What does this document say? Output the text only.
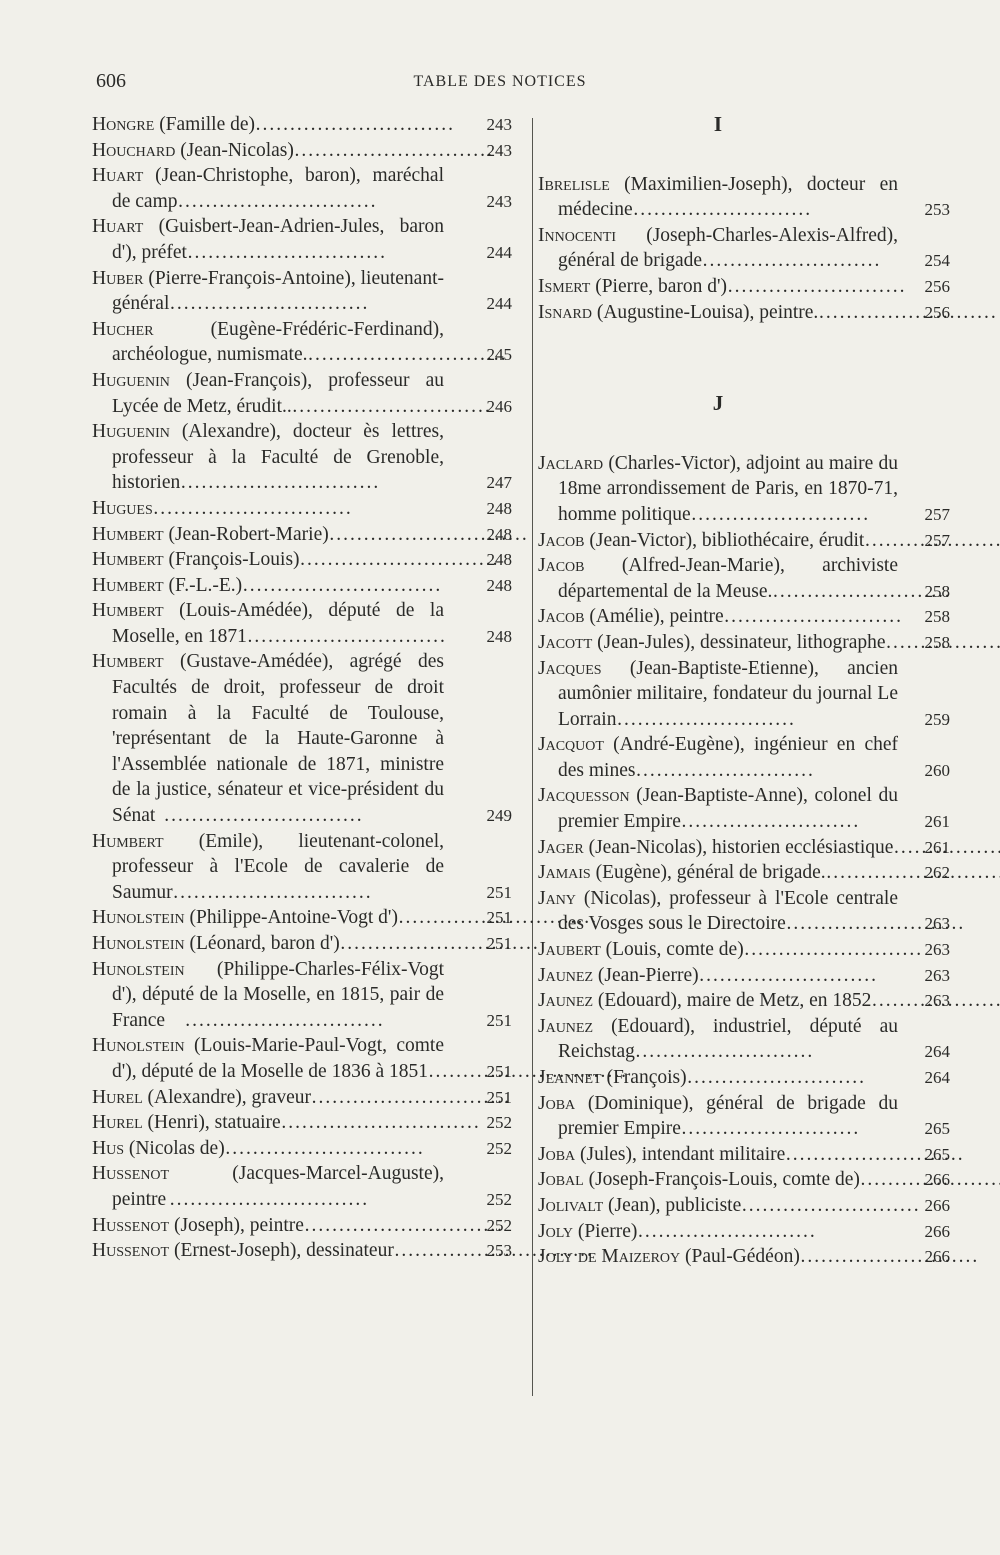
606	TABLE DES NOTICES
Hongre (Famille de) .....	243
Houchard (Jean-Nicolas) .....	243
Huart (Jean-Christophe, baron), maréchal de camp .....	243
Huart (Guisbert-Jean-Adrien-Jules, baron d'), préfet .....	244
Huber (Pierre-François-Antoine), lieutenant-général .....	244
Hucher (Eugène-Frédéric-Ferdinand), archéologue, numismate. .....	245
Huguenin (Jean-François), professeur au Lycée de Metz, érudit.. .....	246
Huguenin (Alexandre), docteur ès lettres, professeur à la Faculté de Grenoble, historien .....	247
Hugues	248
Humbert (Jean-Robert-Marie) .....	248
Humbert (François-Louis) .....	248
Humbert (F.-L.-E.) .....	248
Humbert (Louis-Amédée), député de la Moselle, en 1871 .....	248
Humbert (Gustave-Amédée), agrégé des Facultés de droit, professeur de droit romain à la Faculté de Toulouse, 'représentant de la Haute-Garonne à l'Assemblée nationale de 1871, ministre de la justice, sénateur et vice-président du Sénat .....	249
Humbert (Emile), lieutenant-colonel, professeur à l'Ecole de cavalerie de Saumur .....	251
Hunolstein (Philippe-Antoine-Vogt d') .....	251
Hunolstein (Léonard, baron d') .....	251
Hunolstein (Philippe-Charles-Félix-Vogt d'), député de la Moselle, en 1815, pair de France .....	251
Hunolstein (Louis-Marie-Paul-Vogt, comte d'), député de la Moselle de 1836 à 1851 .....	251
Hurel (Alexandre), graveur .....	251
Hurel (Henri), statuaire .....	252
Hus (Nicolas de) .....	252
Hussenot (Jacques-Marcel-Auguste), peintre .....	252
Hussenot (Joseph), peintre .....	252
Hussenot (Ernest-Joseph), dessinateur .....	253
I
Ibrelisle (Maximilien-Joseph), docteur en médecine .....	253
Innocenti (Joseph-Charles-Alexis-Alfred), général de brigade .....	254
Ismert (Pierre, baron d') .....	256
Isnard (Augustine-Louisa), peintre. .....	256
J
Jaclard (Charles-Victor), adjoint au maire du 18me arrondissement de Paris, en 1870-71, homme politique .....	257
Jacob (Jean-Victor), bibliothécaire, érudit .....	257
Jacob (Alfred-Jean-Marie), archiviste départemental de la Meuse. .....	258
Jacob (Amélie), peintre .....	258
Jacott (Jean-Jules), dessinateur, lithographe ..... 258
Jacques (Jean-Baptiste-Etienne), ancien aumônier militaire, fondateur du journal Le Lorrain .....	259
Jacquot (André-Eugène), ingénieur en chef des mines .....	260
Jacquesson (Jean-Baptiste-Anne), colonel du premier Empire .....	261
Jager (Jean-Nicolas), historien ecclésiastique ..... 261
Jamais (Eugène), général de brigade. .....	262
Jany (Nicolas), professeur à l'Ecole centrale des Vosges sous le Directoire .....	263
Jaubert (Louis, comte de) .....	263
Jaunez (Jean-Pierre) .....	263
Jaunez (Edouard), maire de Metz, en 1852 .....	263
Jaunez (Edouard), industriel, député au Reichstag .....	264
Jeannet (François) .....	264
Joba (Dominique), général de brigade du premier Empire .....	265
Joba (Jules), intendant militaire .....	265
Jobal (Joseph-François-Louis, comte de) .....	266
Jolivalt (Jean), publiciste .....	266
Joly (Pierre) .....	266
Joly de Maizeroy (Paul-Gédéon) .....	266
